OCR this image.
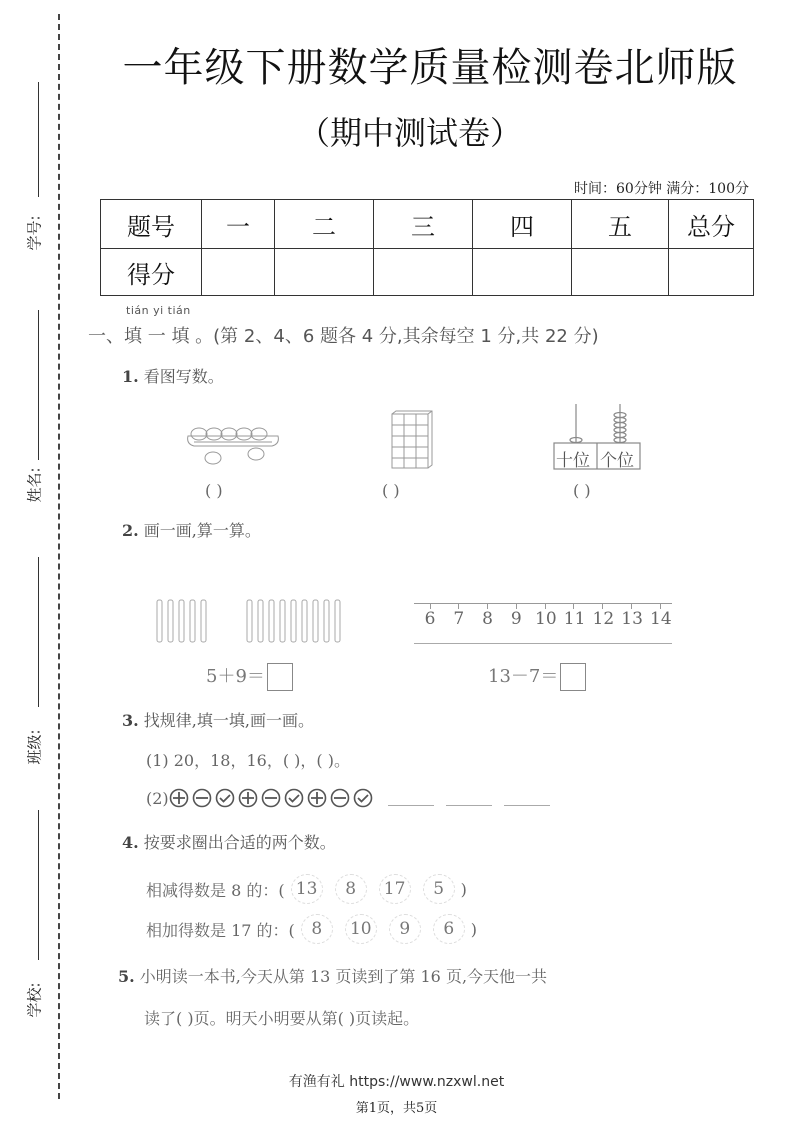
学号:
姓名:
班级:
学校:
一年级下册数学质量检测卷北师版
（期中测试卷）
时间：60分钟 满分：100分
题号	一	二	三	四	五	总分
得分						
tián yi tián
一、填 一 填 。(第 2、4、6 题各 4 分,其余每空 1 分,共 22 分)
1. 看图写数。
( )	( )
十位 个位
( )
2. 画一画,算一算。
5＋9＝
6 7 8 9 10 11 12 13 14
13－7＝
3. 找规律,填一填,画一画。
(1) 20，18，16，( )，( )。
(2)
4. 按要求圈出合适的两个数。
相减得数是 8 的：( 13	8	17	5	)
相加得数是 17 的：( 8	10	9	6	)
5. 小明读一本书,今天从第 13 页读到了第 16 页,今天他一共
读了( )页。明天小明要从第( )页读起。
有渔有礼 https://www.nzxwl.net
第1页，共5页
